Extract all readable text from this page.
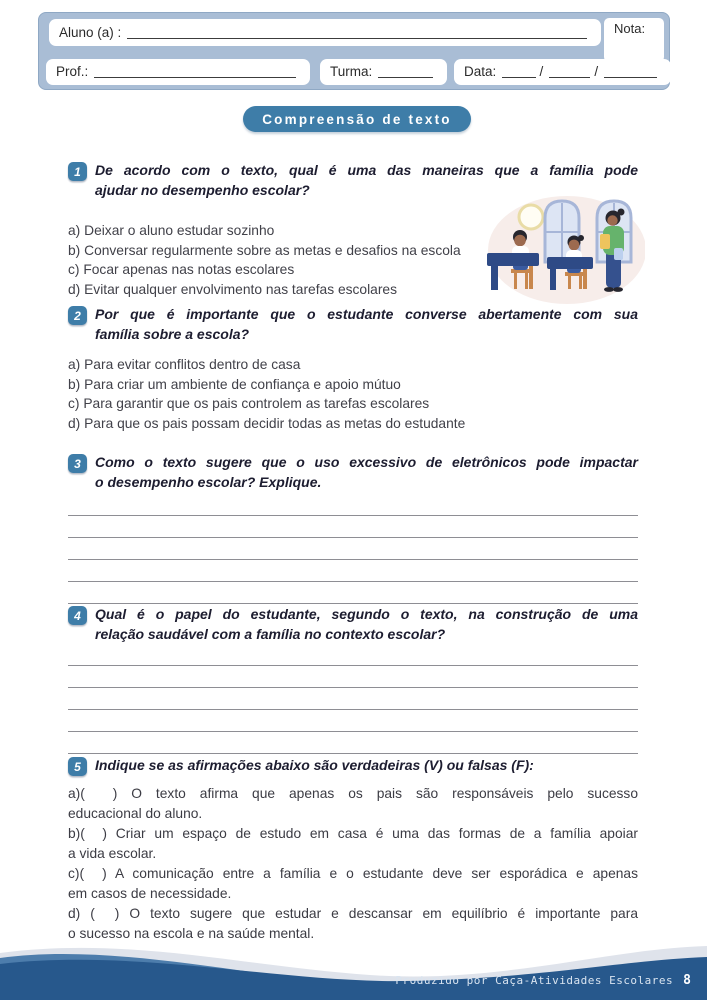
Aluno (a) :	Nota:
Prof.:	Turma:	Data:	/	/
Compreensão de texto
1	De acordo com o texto, qual é uma das maneiras que a família pode
ajudar no desempenho escolar?
a) Deixar o aluno estudar sozinho
b) Conversar regularmente sobre as metas e desafios na escola
c) Focar apenas nas notas escolares
d) Evitar qualquer envolvimento nas tarefas escolares
2	Por que é importante que o estudante converse abertamente com sua
família sobre a escola?
a) Para evitar conflitos dentro de casa
b) Para criar um ambiente de confiança e apoio mútuo
c) Para garantir que os pais controlem as tarefas escolares
d) Para que os pais possam decidir todas as metas do estudante
3	Como o texto sugere que o uso excessivo de eletrônicos pode impactar
o desempenho escolar? Explique.
4	Qual é o papel do estudante, segundo o texto, na construção de uma
relação saudável com a família no contexto escolar?
5	Indique se as afirmações abaixo são verdadeiras (V) ou falsas (F):

a)(  ) O texto afirma que apenas os pais são responsáveis pelo sucesso

educacional do aluno.

b)(  ) Criar um espaço de estudo em casa é uma das formas de a família apoiar

a vida escolar.

c)(  ) A comunicação entre a família e o estudante deve ser esporádica e apenas

em casos de necessidade.

d) (  ) O texto sugere que estudar e descansar em equilíbrio é importante para

o sucesso na escola e na saúde mental.

Produzido por Caça-Atividades Escolares 8
